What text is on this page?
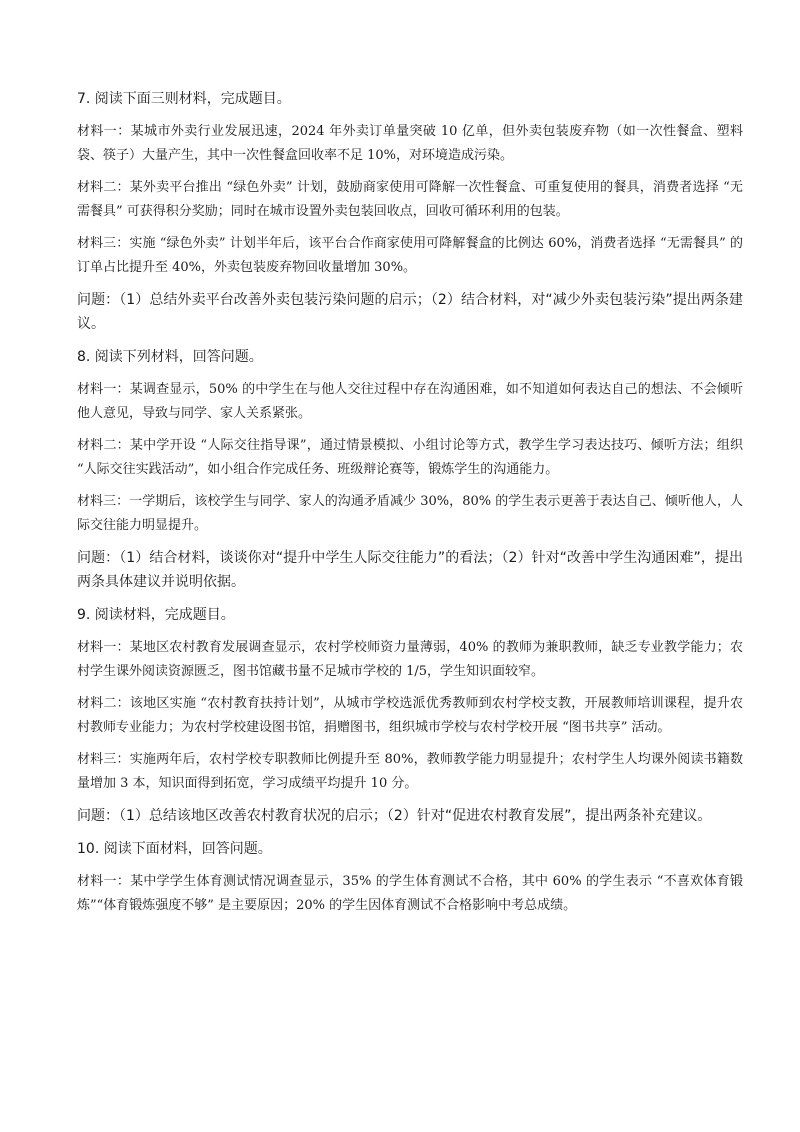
7. 阅读下面三则材料，完成题目。

材料一：某城市外卖行业发展迅速，2024 年外卖订单量突破 10 亿单，但外卖包装废弃物（如一次性餐盒、塑料袋、筷子）大量产生，其中一次性餐盒回收率不足 10%，对环境造成污染。

材料二：某外卖平台推出 “绿色外卖” 计划，鼓励商家使用可降解一次性餐盒、可重复使用的餐具，消费者选择 “无需餐具” 可获得积分奖励；同时在城市设置外卖包装回收点，回收可循环利用的包装。

材料三：实施 “绿色外卖” 计划半年后，该平台合作商家使用可降解餐盒的比例达 60%，消费者选择 “无需餐具” 的订单占比提升至 40%，外卖包装废弃物回收量增加 30%。

问题：（1）总结外卖平台改善外卖包装污染问题的启示；（2）结合材料，对“减少外卖包装污染”提出两条建议。

8. 阅读下列材料，回答问题。

材料一：某调查显示，50% 的中学生在与他人交往过程中存在沟通困难，如不知道如何表达自己的想法、不会倾听他人意见，导致与同学、家人关系紧张。

材料二：某中学开设 “人际交往指导课”，通过情景模拟、小组讨论等方式，教学生学习表达技巧、倾听方法；组织 “人际交往实践活动”，如小组合作完成任务、班级辩论赛等，锻炼学生的沟通能力。

材料三：一学期后，该校学生与同学、家人的沟通矛盾减少 30%，80% 的学生表示更善于表达自己、倾听他人，人际交往能力明显提升。

问题：（1）结合材料，谈谈你对“提升中学生人际交往能力”的看法；（2）针对“改善中学生沟通困难”，提出两条具体建议并说明依据。

9. 阅读材料，完成题目。

材料一：某地区农村教育发展调查显示，农村学校师资力量薄弱，40% 的教师为兼职教师，缺乏专业教学能力；农村学生课外阅读资源匮乏，图书馆藏书量不足城市学校的 1/5，学生知识面较窄。

材料二：该地区实施 “农村教育扶持计划”，从城市学校选派优秀教师到农村学校支教，开展教师培训课程，提升农村教师专业能力；为农村学校建设图书馆，捐赠图书，组织城市学校与农村学校开展 “图书共享” 活动。

材料三：实施两年后，农村学校专职教师比例提升至 80%，教师教学能力明显提升；农村学生人均课外阅读书籍数量增加 3 本，知识面得到拓宽，学习成绩平均提升 10 分。

问题：（1）总结该地区改善农村教育状况的启示；（2）针对“促进农村教育发展”，提出两条补充建议。

10. 阅读下面材料，回答问题。

材料一：某中学学生体育测试情况调查显示，35% 的学生体育测试不合格，其中 60% 的学生表示 “不喜欢体育锻炼”“体育锻炼强度不够” 是主要原因；20% 的学生因体育测试不合格影响中考总成绩。
